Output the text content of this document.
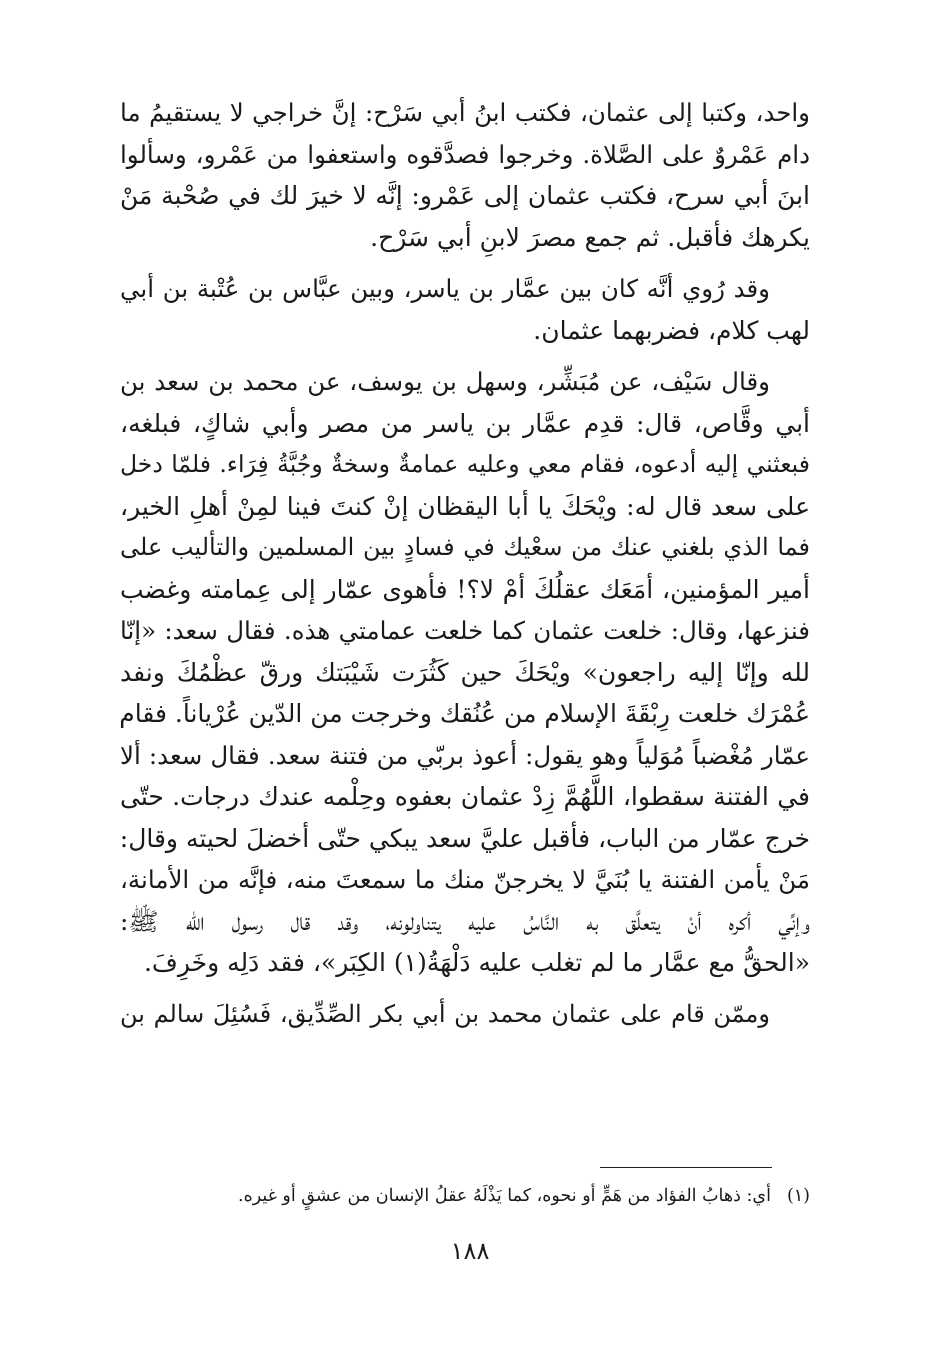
واحد، وكتبا إلى عثمان، فكتب ابنُ أبي سَرْح: إنَّ خراجي لا يستقيمُ ما
دام عَمْروٌ على الصَّلاة. وخرجوا فصدَّقوه واستعفوا من عَمْرو، وسألوا
ابنَ أبي سرح، فكتب عثمان إلى عَمْرو: إنَّه لا خيرَ لك في صُحْبة مَنْ
يكرهك فأقبل. ثم جمع مصرَ لابنِ أبي سَرْح.
وقد رُوي أنَّه كان بين عمَّار بن ياسر، وبين عبَّاس بن عُتْبة بن أبي
لهب كلام، فضربهما عثمان.
وقال سَيْف، عن مُبَشِّر، وسهل بن يوسف، عن محمد بن سعد بن
أبي وقَّاص، قال: قدِم عمَّار بن ياسر من مصر وأبي شاكٍ، فبلغه،
فبعثني إليه أدعوه، فقام معي وعليه عمامةٌ وسخةٌ وجُبَّةُ فِرَاء. فلمّا دخل
على سعد قال له: ويْحَكَ يا أبا اليقظان إنْ كنتَ فينا لمِنْ أهلِ الخير،
فما الذي بلغني عنك من سعْيك في فسادٍ بين المسلمين والتأليب على
أمير المؤمنين، أمَعَك عقلُكَ أمْ لا؟! فأهوى عمّار إلى عِمامته وغضب
فنزعها، وقال: خلعت عثمان كما خلعت عمامتي هذه. فقال سعد: «إنّا
لله وإنّا إليه راجعون» ويْحَكَ حين كَثُرَت شَيْبَتك ورقّ عظْمُكَ ونفد
عُمْرَك خلعت رِبْقَةَ الإسلام من عُنُقك وخرجت من الدّين عُرْياناً. فقام
عمّار مُغْضباً مُوَلياً وهو يقول: أعوذ بربّي من فتنة سعد. فقال سعد: ألا
في الفتنة سقطوا، اللَّهُمَّ زِدْ عثمان بعفوه وحِلْمه عندك درجات. حتّى
خرج عمّار من الباب، فأقبل عليَّ سعد يبكي حتّى أخضلَ لحيته وقال:
مَنْ يأمن الفتنة يا بُنَيَّ لا يخرجنّ منك ما سمعتَ منه، فإنَّه من الأمانة،
وإنِّي أكره أنْ يتعلَّق به النَّاسُ عليه يتناولونه، وقد قال رسول الله ﷺ:
«الحقُّ مع عمَّار ما لم تغلب عليه دَلْهَةُ(١) الكِبَر»، فقد دَلِه وخَرِفَ.
وممّن قام على عثمان محمد بن أبي بكر الصِّدِّيق، فَسُئِلَ سالم بن
(١)أي: ذهابُ الفؤاد من هَمٍّ أو نحوه، كما يَذْلَهُ عقلُ الإنسان من عشقٍ أو غيره.
١٨٨
